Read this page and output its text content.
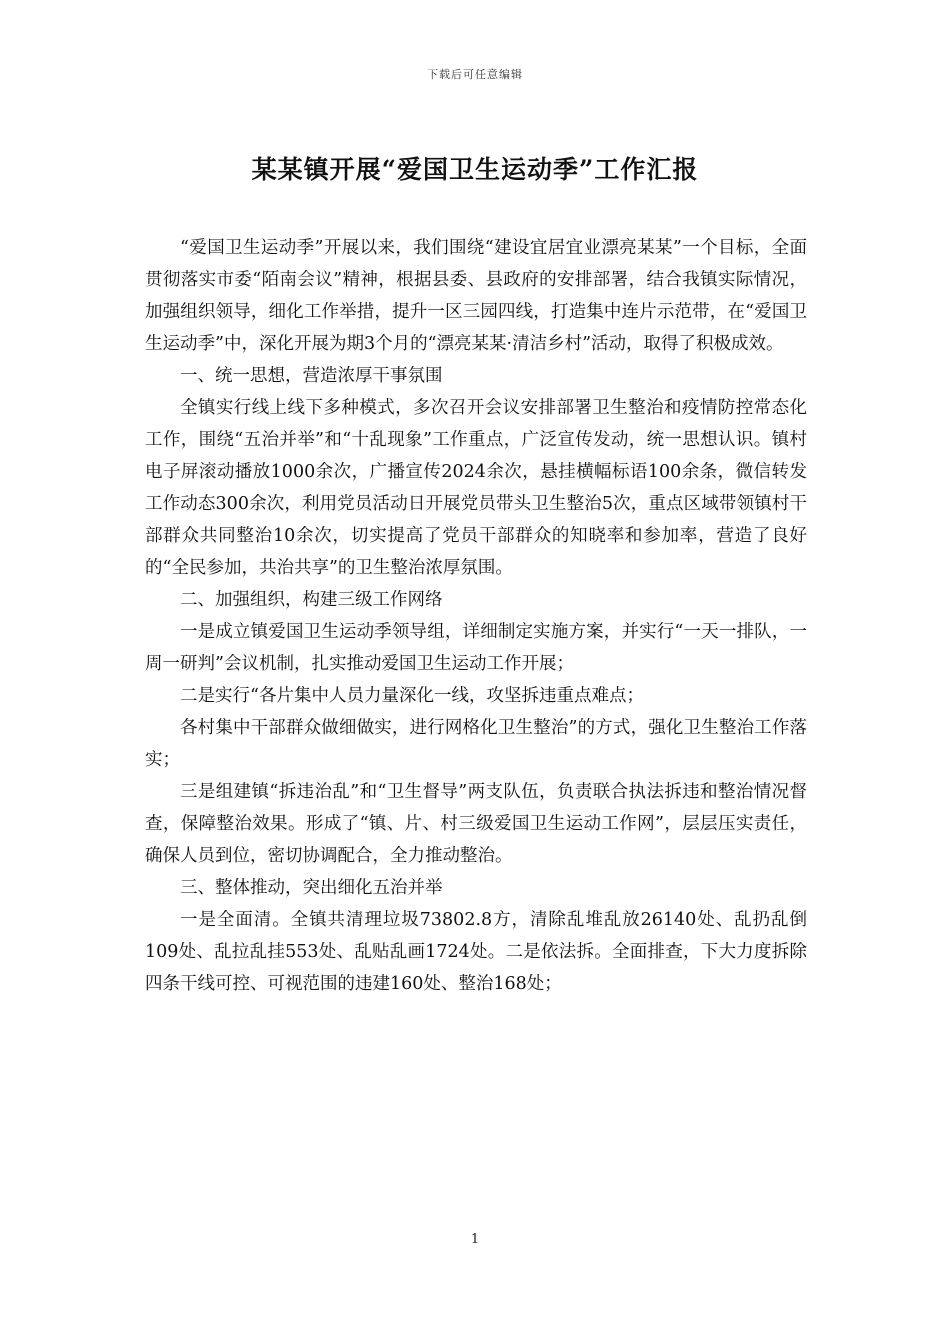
下载后可任意编辑
某某镇开展“爱国卫生运动季”工作汇报

“爱国卫生运动季”开展以来，我们围绕“建设宜居宜业漂亮某某”一个目标，全面贯彻落实市委“陌南会议”精神，根据县委、县政府的安排部署，结合我镇实际情况，加强组织领导，细化工作举措，提升一区三园四线，打造集中连片示范带，在“爱国卫生运动季”中，深化开展为期3个月的“漂亮某某·清洁乡村”活动，取得了积极成效。

一、统一思想，营造浓厚干事氛围

全镇实行线上线下多种模式，多次召开会议安排部署卫生整治和疫情防控常态化工作，围绕“五治并举”和“十乱现象”工作重点，广泛宣传发动，统一思想认识。镇村电子屏滚动播放1000余次，广播宣传2024余次，悬挂横幅标语100余条，微信转发工作动态300余次，利用党员活动日开展党员带头卫生整治5次，重点区域带领镇村干部群众共同整治10余次，切实提高了党员干部群众的知晓率和参加率，营造了良好的“全民参加，共治共享”的卫生整治浓厚氛围。

二、加强组织，构建三级工作网络

一是成立镇爱国卫生运动季领导组，详细制定实施方案，并实行“一天一排队，一周一研判”会议机制，扎实推动爱国卫生运动工作开展；

二是实行“各片集中人员力量深化一线，攻坚拆违重点难点；

各村集中干部群众做细做实，进行网格化卫生整治”的方式，强化卫生整治工作落实；

三是组建镇“拆违治乱”和“卫生督导”两支队伍，负责联合执法拆违和整治情况督查，保障整治效果。形成了“镇、片、村三级爱国卫生运动工作网”，层层压实责任，确保人员到位，密切协调配合，全力推动整治。

三、整体推动，突出细化五治并举

一是全面清。全镇共清理垃圾73802.8方，清除乱堆乱放26140处、乱扔乱倒109处、乱拉乱挂553处、乱贴乱画1724处。二是依法拆。全面排查，下大力度拆除四条干线可控、可视范围的违建160处、整治168处；

1
